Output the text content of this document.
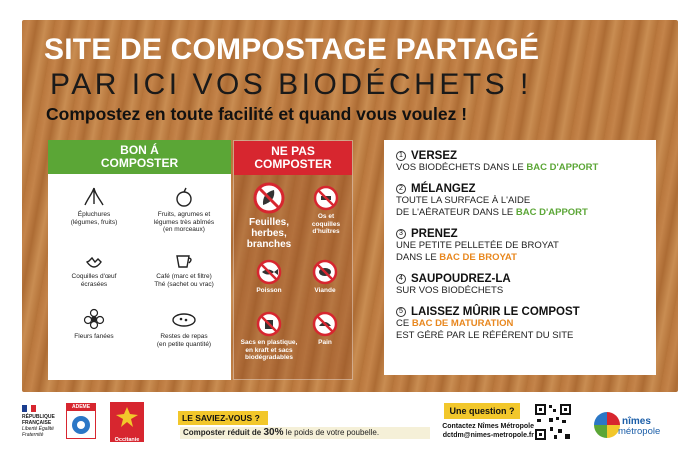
SITE DE COMPOSTAGE PARTAGÉ
PAR ICI VOS BIODÉCHETS !
Compostez en toute facilité et quand vous voulez !
BON Á
COMPOSTER
Épluchures
(légumes, fruits)
Fruits, agrumes et
légumes très abîmés
(en morceaux)
Coquilles d'œuf
écrasées
Café (marc et filtre)
Thé (sachet ou vrac)
Fleurs fanées	Restes de repas
(en petite quantité)
NE PAS
COMPOSTER
Feuilles,
herbes,
branches
Os et
coquilles
d'huîtres
Poisson	Viande
Sacs en plastique,
en kraft et sacs
biodégradables
Pain
1 VERSEZ
VOS BIODÉCHETS DANS LE BAC D'APPORT
2 MÉLANGEZ
TOUTE LA SURFACE À L'AIDE
DE L'AÉRATEUR DANS LE BAC D'APPORT
3 PRENEZ
UNE PETITE PELLETÉE DE BROYAT
DANS LE BAC DE BROYAT
4 SAUPOUDREZ-LA
SUR VOS BIODÉCHETS
5 LAISSEZ MÛRIR LE COMPOST
CE BAC DE MATURATION
EST GÉRÉ PAR LE RÉFÉRENT DU SITE
RÉPUBLIQUE
FRANÇAISE
Liberté Égalité Fraternité
ADEME
Occitanie
LE SAVIEZ-VOUS ?
Composter réduit de 30% le poids de votre poubelle.
Une question ?
Contactez Nîmes Métropole
dctdm@nimes-metropole.fr
nîmes
métropole
